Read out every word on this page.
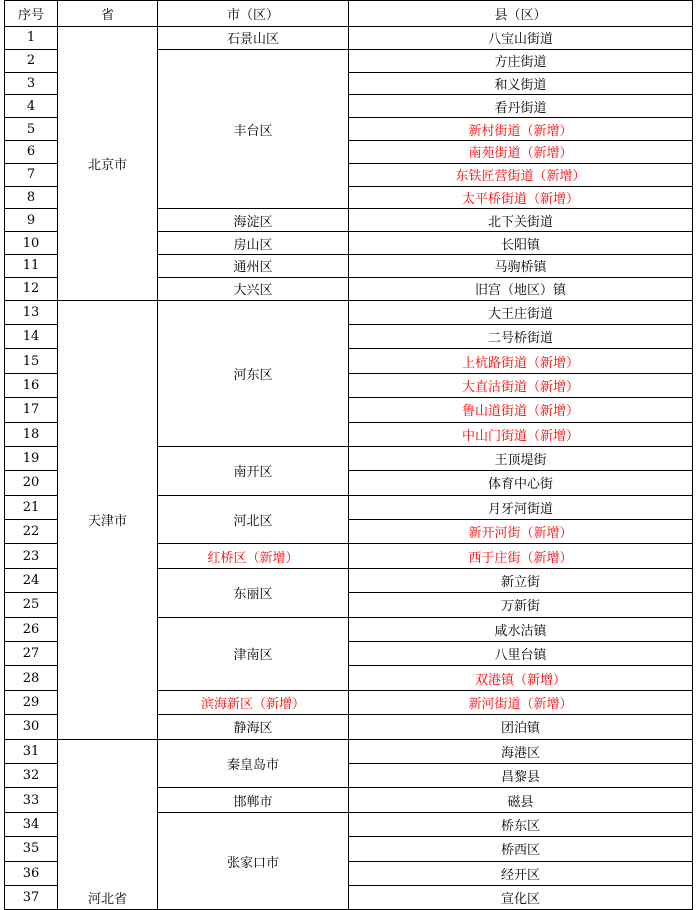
序号	省	市（区）	县（区）
1	北京市	石景山区	八宝山街道
2		丰台区	方庄街道
3			和义街道
4			看丹街道
5			新村街道（新增）
6			南苑街道（新增）
7			东铁匠营街道（新增）
8			太平桥街道（新增）
9		海淀区	北下关街道
10		房山区	长阳镇
11		通州区	马驹桥镇
12		大兴区	旧宫（地区）镇
13	天津市	河东区	大王庄街道
14			二号桥街道
15			上杭路街道（新增）
16			大直沽街道（新增）
17			鲁山道街道（新增）
18			中山门街道（新增）
19		南开区	王顶堤街
20			体育中心街
21		河北区	月牙河街道
22			新开河街（新增）
23		红桥区（新增）	西于庄街（新增）
24		东丽区	新立街
25			万新街
26		津南区	咸水沽镇
27			八里台镇
28			双港镇（新增）
29		滨海新区（新增）	新河街道（新增）
30		静海区	团泊镇
31	河北省	秦皇岛市	海港区
32			昌黎县
33		邯郸市	磁县
34		张家口市	桥东区
35			桥西区
36			经开区
37			宣化区
